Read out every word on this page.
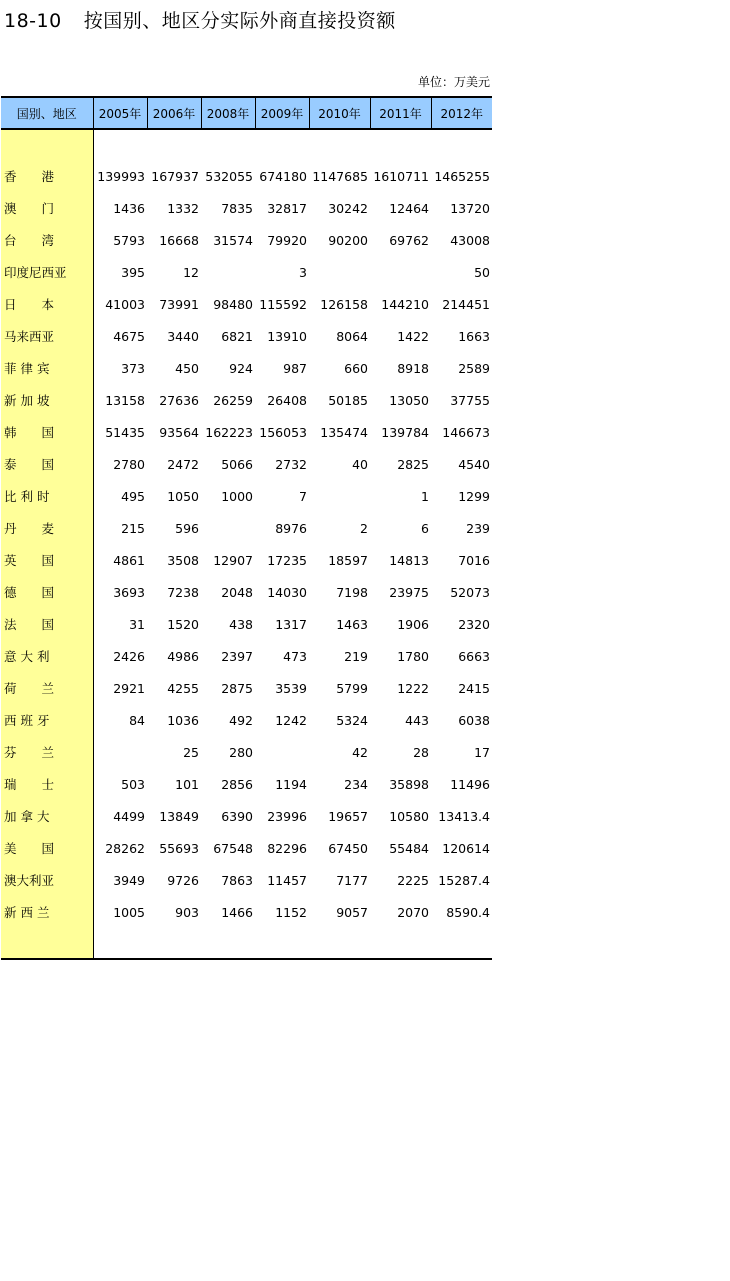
18-10 按国别、地区分实际外商直接投资额
单位：万美元
国别、地区	2005年	2006年	2008年	2009年	2010年	2011年	2012年

香　　港	139993	167937	532055	674180	1147685	1610711	1465255
澳　　门	1436	1332	7835	32817	30242	12464	13720
台　　湾	5793	16668	31574	79920	90200	69762	43008
印度尼西亚	395	12		3			50
日　　本	41003	73991	98480	115592	126158	144210	214451
马来西亚	4675	3440	6821	13910	8064	1422	1663
菲 律 宾	373	450	924	987	660	8918	2589
新 加 坡	13158	27636	26259	26408	50185	13050	37755
韩　　国	51435	93564	162223	156053	135474	139784	146673
泰　　国	2780	2472	5066	2732	40	2825	4540
比 利 时	495	1050	1000	7		1	1299
丹　　麦	215	596		8976	2	6	239
英　　国	4861	3508	12907	17235	18597	14813	7016
德　　国	3693	7238	2048	14030	7198	23975	52073
法　　国	31	1520	438	1317	1463	1906	2320
意 大 利	2426	4986	2397	473	219	1780	6663
荷　　兰	2921	4255	2875	3539	5799	1222	2415
西 班 牙	84	1036	492	1242	5324	443	6038
芬　　兰		25	280		42	28	17
瑞　　士	503	101	2856	1194	234	35898	11496
加 拿 大	4499	13849	6390	23996	19657	10580	13413.4
美　　国	28262	55693	67548	82296	67450	55484	120614
澳大利亚	3949	9726	7863	11457	7177	2225	15287.4
新 西 兰	1005	903	1466	1152	9057	2070	8590.4
